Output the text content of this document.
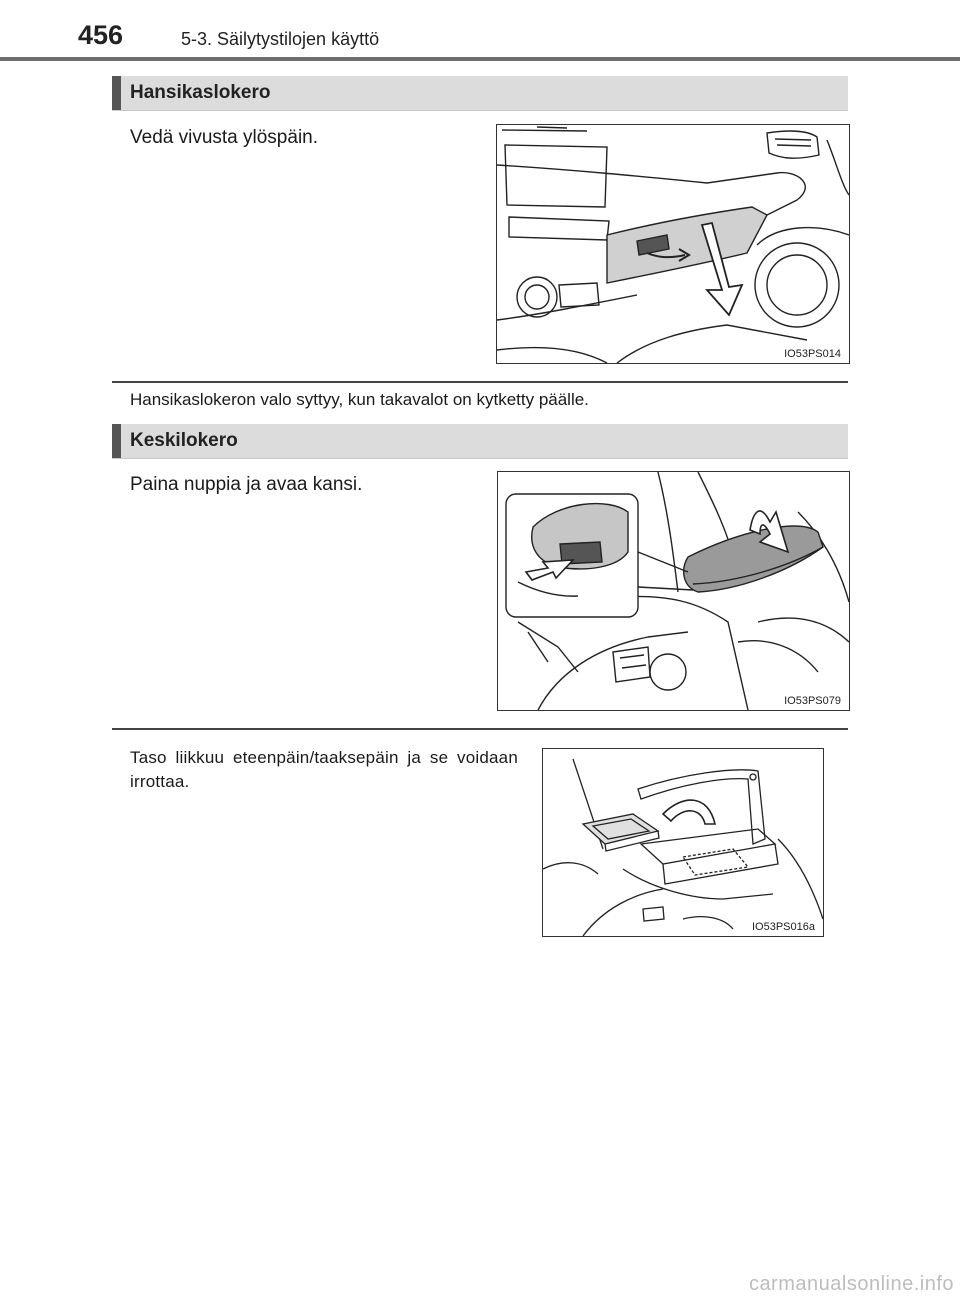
456	5-3. Säilytystilojen käyttö
Hansikaslokero
Vedä vivusta ylöspäin.
IO53PS014
Hansikaslokeron valo syttyy, kun takavalot on kytketty päälle.
Keskilokero
Paina nuppia ja avaa kansi.
IO53PS079
Taso liikkuu eteenpäin/taaksepäin ja se voidaan irrottaa.
IO53PS016a
carmanualsonline.info
